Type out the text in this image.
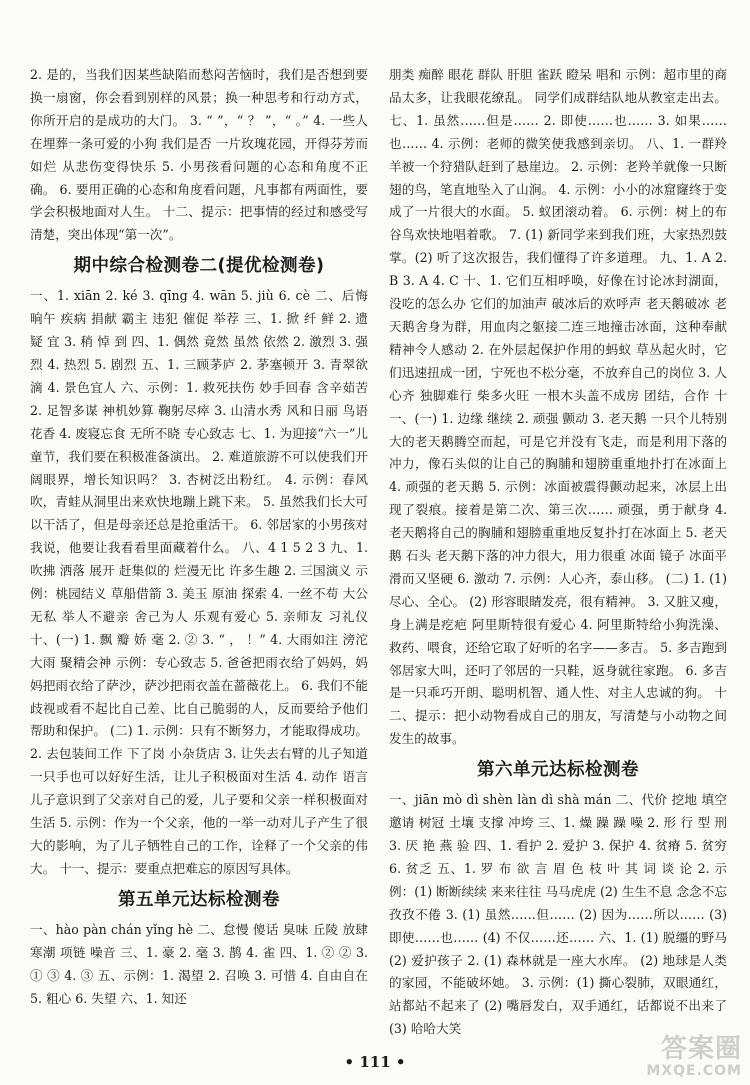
2. 是的，当我们因某些缺陷而愁闷苦恼时，我们是否想到要换一扇窗，你会看到别样的风景；换一种思考和行动方式，你所开启的是成功的大门。 3. “ ”，“ ？ ”，“ 。” 4. 一些人在埋葬一条可爱的小狗 我们是否 一片玫瑰花园，开得芬芳而如烂 从悲伤变得快乐 5. 小男孩看问题的心态和角度不正确。 6. 要用正确的心态和角度看问题，凡事都有两面性，要学会积极地面对人生。 十二、提示：把事情的经过和感受写清楚，突出体现“第一次”。

期中综合检测卷二(提优检测卷)

一、1. xiān 2. ké 3. qīng 4. wān 5. jiù 6. cè 二、后悔 晌午 疾病 捐献 霸主 违犯 催促 举荐 三、1. 掀 纤 鲜 2. 遗 疑 宜 3. 稍 悼 到 四、1. 偶然 竟然 虽然 依然 2. 激烈 3. 强烈 4. 热烈 5. 剧烈 五、1. 三顾茅庐 2. 茅塞顿开 3. 青翠欲滴 4. 景色宜人 六、示例：1. 救死扶伤 妙手回春 含辛茹苦 2. 足智多谋 神机妙算 鞠躬尽瘁 3. 山清水秀 风和日丽 鸟语花香 4. 废寝忘食 无所不晓 专心致志 七、1. 为迎接“六一”儿童节，我们要在积极准备演出。 2. 难道旅游不可以使我们开阔眼界，增长知识吗？ 3. 杏树泛出粉红。 4. 示例：春风吹，青蛙从洞里出来欢快地蹦上跳下来。 5. 虽然我们长大可以干活了，但是母亲还总是抢重活干。 6. 邻居家的小男孩对我说，他要让我看看里面藏着什么。 八、4 1 5 2 3 九、1. 吹拂 洒落 展开 赶集似的 烂漫无比 许多生趣 2. 三国演义 示例：桃园结义 草船借箭 3. 美玉 原油 探索 4. 一丝不苟 大公无私 举人不避亲 舍己为人 乐观有爱心 5. 亲师友 习礼仪 十、(一) 1. 飘 瓣 娇 毫 2. ② 3. “ ， ！” 4. 大雨如注 滂沱大雨 聚精会神 示例：专心致志 5. 爸爸把雨衣给了妈妈，妈妈把雨衣给了萨沙，萨沙把雨衣盖在蔷薇花上。 6. 我们不能歧视或看不起比自己差、比自己脆弱的人，反而要给予他们帮助和保护。 (二) 1. 示例：只有不断努力，才能取得成功。 2. 去包装间工作 下了岗 小杂货店 3. 让失去右臂的儿子知道一只手也可以好好生活，让儿子积极面对生活 4. 动作 语言 儿子意识到了父亲对自己的爱，儿子要和父亲一样积极面对生活 5. 示例：作为一个父亲，他的一举一动对儿子产生了很大的影响，为了儿子牺牲自己的工作，诠释了一个父亲的伟大。 十一、提示：要重点把难忘的原因写具体。

第五单元达标检测卷

一、hào pàn chán yǐng hè 二、怠慢 傻话 臭味 丘陵 放肆 寒潮 项链 噪音 三、1. 豪 2. 毫 3. 鹊 4. 雀 四、1. ② ② 3. ① ③ 4. ③ 五、示例：1. 渴望 2. 召唤 3. 可惜 4. 自由自在 5. 粗心 6. 失望 六、1. 知还

朋类 痴醉 眼花 群队 肝胆 雀跃 瞪呆 唱和 示例：超市里的商品太多，让我眼花缭乱。 同学们成群结队地从教室走出去。 七、1. 虽然……但是…… 2. 即使……也…… 3. 如果……也…… 4. 示例：老师的微笑使我感到亲切。 八、1. 一群羚羊被一个狩猎队赶到了悬崖边。 2. 示例：老羚羊就像一只断翅的鸟，笔直地坠入了山涧。 4. 示例：小小的冰窟窿终于变成了一片很大的水面。 5. 蚁团滚动着。 6. 示例：树上的布谷鸟欢快地唱着歌。 7. (1) 新同学来到我们班，大家热烈鼓掌。(2) 听了这次报告，我们懂得了许多道理。 九、1. A 2. B 3. A 4. C 十、1. 它们互相呼唤，好像在讨论冰封湖面，没吃的怎么办 它们的加油声 破冰后的欢呼声 老天鹅破冰 老天鹅舍身为群，用血肉之躯接二连三地撞击冰面，这种奉献精神令人感动 2. 在外层起保护作用的蚂蚁 草丛起火时，它们迅速扭成一团，宁死也不松分毫，不放弃自己的岗位 3. 人心齐 独脚难行 柴多火旺 一根木头盖不成房 团结，合作 十一、(一) 1. 边缘 继续 2. 顽强 颤动 3. 老天鹅 一只个儿特别大的老天鹅腾空而起，可是它并没有飞走，而是利用下落的冲力，像石头似的让自己的胸脯和翅膀重重地扑打在冰面上 4. 顽强的老天鹅 5. 示例：冰面被震得颤动起来，冰层上出现了裂痕。接着是第二次、第三次…… 顽强，勇于献身 4. 老天鹅将自己的胸脯和翅膀重重地反复扑打在冰面上 5. 老天鹅 石头 老天鹅下落的冲力很大，用力很重 冰面 镜子 冰面平滑而又坚硬 6. 激动 7. 示例：人心齐，泰山移。 (二) 1. (1) 尽心、全心。 (2) 形容眼睛发亮，很有精神。 3. 又脏又瘦，身上满是疙疤 阿里斯特很有爱心 4. 阿里斯特给小狗洗澡、救药、喂食，还给它取了好听的名字——多吉。 5. 多吉跑到邻居家大叫，还叼了邻居的一只鞋，返身就往家跑。 6. 多吉是一只乖巧开朗、聪明机智、通人性、对主人忠诚的狗。 十二、提示：把小动物看成自己的朋友，写清楚与小动物之间发生的故事。

第六单元达标检测卷

一、jiān mò dì shèn làn dì shà mán 二、代价 挖地 填空 邀请 树冠 土壤 支撑 冲垮 三、1. 燥 躁 躁 噪 2. 形 行 型 刑 3. 厌 艳 燕 验 四、1. 看护 2. 爱护 3. 保护 4. 贫瘠 5. 贫穷 6. 贫乏 五、1. 罗 布 欲 言 眉 色 枝 叶 其 词 谈 论 2. 示例：(1) 断断续续 来来往往 马马虎虎 (2) 生生不息 念念不忘 孜孜不倦 3. (1) 虽然……但…… (2) 因为……所以…… (3) 即使……也…… (4) 不仅……还…… 六、1. (1) 脱缰的野马 (2) 爱护孩子 2. (1) 森林就是一座大水库。 (2) 地球是人类的家园，不能破坏她。 3. 示例：(1) 撕心裂肺，双眼通红，站都站不起来了 (2) 嘴唇发白，双手通红，话都说不出来了 (3) 哈哈大笑

• 111 •	答案圈
MXQE.COM
